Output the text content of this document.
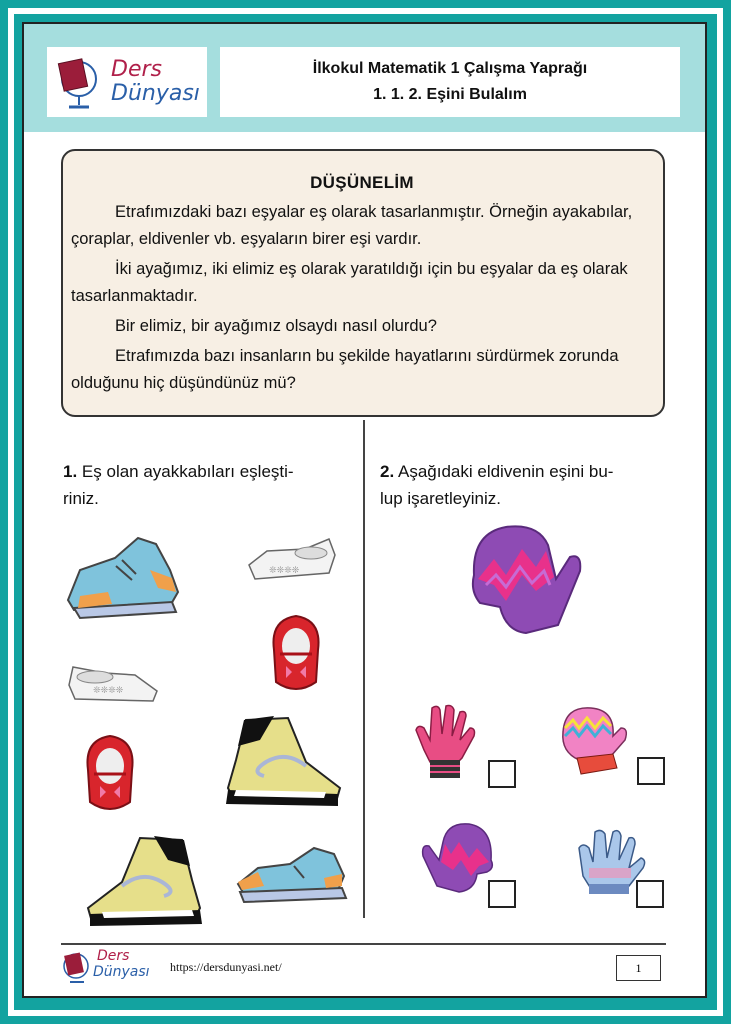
Ders
Dünyası
İlkokul Matematik 1 Çalışma Yaprağı
1. 1. 2. Eşini Bulalım
DÜŞÜNELİM

Etrafımızdaki bazı eşyalar eş olarak tasarlanmıştır. Örneğin ayakabılar, çoraplar, eldivenler vb. eşyaların birer eşi vardır.

İki ayağımız, iki elimiz eş olarak yaratıldığı için bu eşyalar da eş olarak tasarlanmaktadır.

Bir elimiz, bir ayağımız olsaydı nasıl olurdu?

Etrafımızda bazı insanların bu şekilde hayatlarını sürdürmek zorunda olduğunu hiç düşündünüz mü?

1. Eş olan ayakkabıları eşleşti-
riniz.
2. Aşağıdaki eldivenin eşini bu-
lup işaretleyiniz.
❊❊❊❊
❊❊❊❊
Ders
Dünyası https://dersdunyasi.net/	1
